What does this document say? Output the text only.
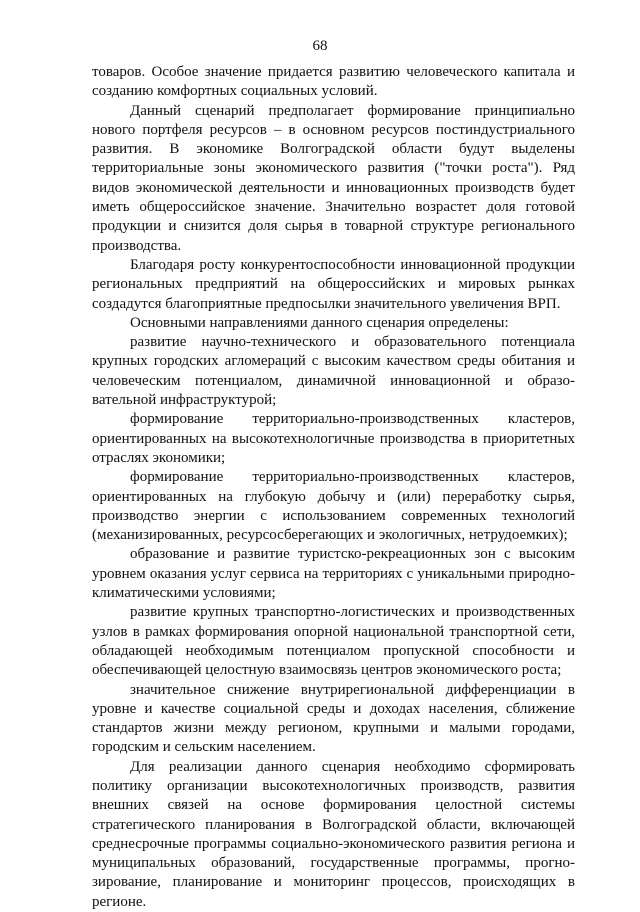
68

товаров. Особое значение придается развитию человеческого капитала и созданию комфортных социальных условий.

Данный сценарий предполагает формирование принципиально нового портфеля ресурсов – в основном ресурсов постиндустриального развития. В экономике Волгоградской области будут выделены территориальные зоны экономического развития ("точки роста"). Ряд видов экономической деятельности и инновационных производств будет иметь общероссийское значение. Значительно возрастет доля готовой продукции и снизится доля сырья в товарной структуре регионального производства.

Благодаря росту конкурентоспособности инновационной продукции региональных предприятий на общероссийских и мировых рынках создадутся благоприятные предпосылки значительного увеличения ВРП.

Основными направлениями данного сценария определены:

развитие научно-технического и образовательного потенциала крупных городских агломераций с высоким качеством среды обитания и человеческим потенциалом, динамичной инновационной и образовательной инфраструктурой;

формирование территориально-производственных кластеров, ориентированных на высокотехнологичные производства в приоритетных отраслях экономики;

формирование территориально-производственных кластеров, ориентированных на глубокую добычу и (или) переработку сырья, производство энергии с использованием современных технологий (механизированных, ресурсосберегающих и экологичных, нетрудоемких);

образование и развитие туристско-рекреационных зон с высоким уровнем оказания услуг сервиса на территориях с уникальными природно-климатическими условиями;

развитие крупных транспортно-логистических и производственных узлов в рамках формирования опорной национальной транспортной сети, обладающей необходимым потенциалом пропускной способности и обеспечивающей целостную взаимосвязь центров экономического роста;

значительное снижение внутрирегиональной дифференциации в уровне и качестве социальной среды и доходах населения, сближение стандартов жизни между регионом, крупными и малыми городами, городским и сельским населением.

Для реализации данного сценария необходимо сформировать политику организации высокотехнологичных производств, развития внешних связей на основе формирования целостной системы стратегического планирования в Волгоградской области, включающей среднесрочные программы социально-экономического развития региона и муниципальных образований, государственные программы, прогнозирование, планирование и мониторинг процессов, происходящих в регионе.
